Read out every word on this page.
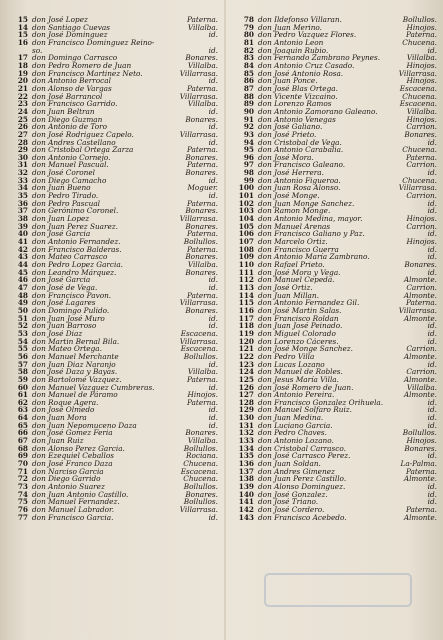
15 don José Lopez	Paterna.
14 don Santiago Cuevas	Villalba.
15 don José Dominguez	id.
16 don Francisco Dominguez Reino-
so.	id.
17 don Domingo Carrasco	Bonares.
18 don Pedro Romero de Juan	Villalba.
19 don Francisco Martinez Neto.	Villarrasa.
20 don Antonio Berrocal	id.
21 don Alonso de Vargas	Paterna.
22 don José Barrancol	Villarrasa.
23 don Francisco Garrido.	Villalba.
24 don Juan Beltran	id.
25 don Diego Guzman	Bonares.
26 don Antonio de Toro	id.
27 don José Rodriguez Capelo.	Villarrasa.
28 don Andres Castellano	id.
29 don Cristobal Ortega Zarza	Paterna.
30 don Antonio Cornejo.	Bonares.
31 don Manuel Pascual.	Paterna.
32 don José Coronel	Bonares.
33 don Diego Camacho	id.
34 don Juan Bueno	Moguer.
35 don Pedro Tirado.	id.
36 don Pedro Pascual	Paterna.
37 don Gerónimo Coronel.	Bonares.
38 don Juan Lopez	Villarrasa.
39 don Juan Perez Suarez.	Bonares.
40 don José Garcia	Paterna.
41 don Antonio Fernandez.	Bollullos.
42 don Francisco Balderas.	Paterna.
43 don Mateo Carrasco	Bonares.
44 don Pedro Lopez Garcia.	Villalba.
45 don Leandro Márquez.	Bonares.
46 don José Garcia	id.
47 don José de Vega.	id.
48 don Francisco Pavon.	Paterna.
49 don José Lagares	Villarrasa.
50 don Domingo Pulido.	Bonares.
51 don Juan José Muro	id.
52 don Juan Barroso	id.
53 don José Diaz	Escacena.
54 don Martin Bernal Bila.	Villarrasa.
55 don Mateo Ortega.	Escacena.
56 don Manuel Merchante	Bollullos.
57 don Juan Diaz Naranjo	id.
58 don José Daza y Bayas.	Villalba.
59 don Bartolomé Vazquez.	Paterna.
60 don Manuel Vazquez Cumbreras.	id.
61 don Manuel de Páramo	Hinojos.
62 don Roque Agera.	Paterna.
63 don José Olmedo	id.
64 don Juan Mora	id.
65 don Juan Nepomuceno Daza	id.
66 don José Gomez Feria	Bonares.
67 don Juan Ruiz	Villalba.
68 don Alonso Perez Garcia.	Bollullos.
69 don Ezequiel Ceballos	Rociana.
70 don José Franco Daza	Chucena.
71 don Narciso Garcia	Escacena.
72 don Diego Garrido	Chucena.
73 don Antonio Suarez	Bollullos.
74 don Juan Antonio Castillo.	Bonares.
75 don Manuel Fernandez.	Bollullos.
76 don Manuel Labrador.	Villarrasa.
77 don Francisco Garcia.	id.
78 don Ildefonso Villaran.	Bollullos.
79 don Juan Merino.	Hinojos.
80 don Pedro Vazquez Flores.	Paterna.
81 don Antonio Leon	Chucena.
82 don Joaquin Rubio.	id.
83 don Fernando Zambrano Peynes.	Villalba.
84 don Antonio Cruz Casado.	Hinojos.
85 don José Antonio Rosa.	Villarrasa.
86 don Juan Ponce.	Hinojos.
87 don José Blas Ortega.	Escacena.
88 don Vicente Vizcaino.	Chucena.
89 don Lorenzo Ramos	Escacena.
90 don Antonio Zamorano Galeano.	Villalba.
91 don Antonio Venegas	Hinojos.
92 don José Galiano.	Carrion.
93 don José Prieto.	Bonares.
94 don Cristobal de Vega.	id.
95 don Antonio Carabalia.	Chucena.
96 don José Mora.	Paterna.
97 don Francisco Galeano.	Carrion.
98 don José Herrera.	id.
99 don Antonio Figueroa.	Chucena.
100 don Juan Rosa Alonso.	Villarrasa.
101 don José Monge.	Carrion.
102 don Juan Monge Sanchez.	id.
103 don Ramon Monge.	id.
104 don Antonio Medina, mayor.	Hinojos.
105 don Manuel Arenas	Carrion.
106 don Francisco Galiano y Paz.	id.
107 don Marcelo Ortiz.	Hinojos.
108 don Francisco Guerra	id.
109 don Antonio María Zambrano.	id.
110 don Rafael Prieto.	Bonares.
111 don José Mora y Vega.	id.
112 don Manuel Cepeda.	Almonte.
113 don José Ortiz.	Carrion.
114 don Juan Millan.	Almonte.
115 don Antonio Fernandez Gil.	Paterna.
116 don José Martin Salas.	Villarrasa.
117 don Francisco Roldan	Almonte.
118 don Juan José Peinado.	id.
119 don Miguel Colorado	id.
120 don Lorenzo Cáceres.	id.
121 don José Monge Sanchez.	Carrion.
122 don Pedro Villa	Almonte.
123 don Lucas Lozano	id.
124 don Manuel de Robles.	Carrion.
125 don Jesus María Villa.	Almonte.
126 don José Romero de Juan.	Villalba.
127 don Antonio Pereira.	Almonte.
128 don Francisco Gonzalez Orihuela.	id.
129 don Manuel Solfaro Ruiz.	id.
130 don Juan Medina.	id.
131 don Luciano Garcia.	id.
132 don Pedro Chaves.	Bollullos.
133 don Antonio Lozano.	Hinojos.
134 don Cristobal Carrasco.	Bonares.
135 don José Carrasco Perez.	id.
136 don Juan Soldan.	La-Palma.
137 don Andres Gimenez	Paterna.
138 don Juan Perez Castillo.	Almonte.
139 don Alonso Dominguez.	id.
140 don José Gonzalez.	id.
141 don José Triano.	id.
142 don José Cordero.	Paterna.
143 don Francisco Acebedo.	Almonte.
